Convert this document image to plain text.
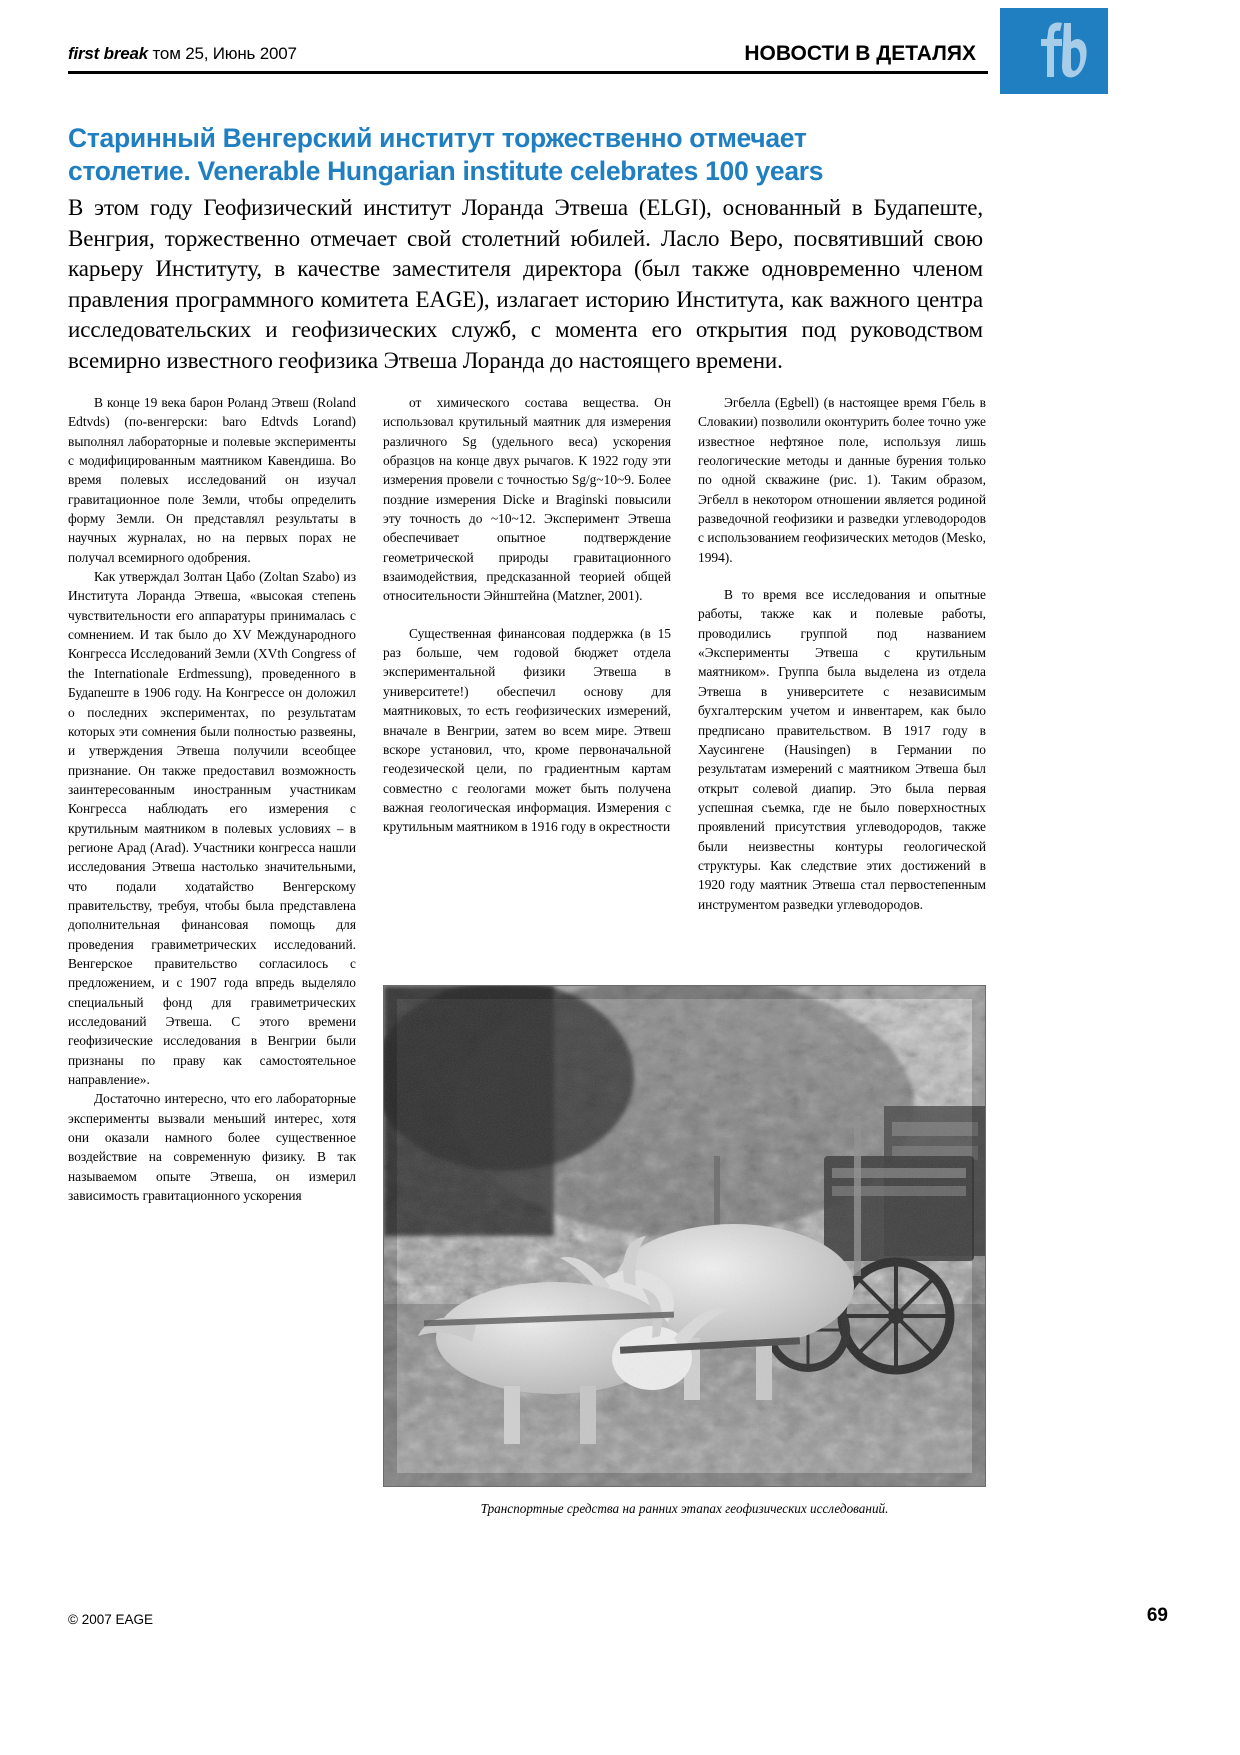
first break том 25, Июнь 2007	НОВОСТИ В ДЕТАЛЯХ
Старинный Венгерский институт торжественно отмечает
столетие. Venerable Hungarian institute celebrates 100 years
В этом году Геофизический институт Лоранда Этвеша (ELGI), основанный в Будапеште, Венгрия, торжественно отмечает свой столетний юбилей. Ласло Веро, посвятивший свою карьеру Институту, в качестве заместителя директора (был также одновременно членом правления программного комитета EAGE), излагает историю Института, как важного центра исследовательских и геофизических служб, с момента его открытия под руководством всемирно известного геофизика Этвеша Лоранда до настоящего времени.

В конце 19 века барон Роланд Этвеш (Roland Edtvds) (по-венгерски: baro Edtvds Lorand) выполнял лабораторные и полевые эксперименты с модифицированным маятником Кавендиша. Во время полевых исследований он изучал гравитационное поле Земли, чтобы определить форму Земли. Он представлял результаты в научных журналах, но на первых порах не получал всемирного одобрения.

Как утверждал Золтан Цабо (Zoltan Szabo) из Института Лоранда Этвеша, «высокая степень чувствительности его аппаратуры принималась с сомнением. И так было до XV Международного Конгресса Исследований Земли (XVth Congress of the Internationale Erdmessung), проведенного в Будапеште в 1906 году. На Конгрессе он доложил о последних экспериментах, по результатам которых эти сомнения были полностью развеяны, и утверждения Этвеша получили всеобщее признание. Он также предоставил возможность заинтересованным иностранным участникам Конгресса наблюдать его измерения с крутильным маятником в полевых условиях – в регионе Арад (Arad). Участники конгресса нашли исследования Этвеша настолько значительными, что подали ходатайство Венгерскому правительству, требуя, чтобы была представлена дополнительная финансовая помощь для проведения гравиметрических исследований. Венгерское правительство согласилось с предложением, и с 1907 года впредь выделяло специальный фонд для гравиметрических исследований Этвеша. С этого времени геофизические исследования в Венгрии были признаны по праву как самостоятельное направление».

Достаточно интересно, что его лабораторные эксперименты вызвали меньший интерес, хотя они оказали намного более существенное воздействие на современную физику. В так называемом опыте Этвеша, он измерил зависимость гравитационного ускорения

от химического состава вещества. Он использовал крутильный маятник для измерения различного Sg (удельного веса) ускорения образцов на конце двух рычагов. К 1922 году эти измерения провели с точностью Sg/g~10~9. Более поздние измерения Dicke и Braginski повысили эту точность до ~10~12. Эксперимент Этвеша обеспечивает опытное подтверждение геометрической природы гравитационного взаимодействия, предсказанной теорией общей относительности Эйнштейна (Matzner, 2001).

Существенная финансовая поддержка (в 15 раз больше, чем годовой бюджет отдела экспериментальной физики Этвеша в университете!) обеспечил основу для маятниковых, то есть геофизических измерений, вначале в Венгрии, затем во всем мире. Этвеш вскоре установил, что, кроме первоначальной геодезической цели, по градиентным картам совместно с геологами может быть получена важная геологическая информация. Измерения с крутильным маятником в 1916 году в окрестности

Эгбелла (Egbell) (в настоящее время Гбель в Словакии) позволили оконтурить более точно уже известное нефтяное поле, используя лишь геологические методы и данные бурения только по одной скважине (рис. 1). Таким образом, Эгбелл в некотором отношении является родиной разведочной геофизики и разведки углеводородов с использованием геофизических методов (Mesko, 1994).

В то время все исследования и опытные работы, также как и полевые работы, проводились группой под названием «Эксперименты Этвеша с крутильным маятником». Группа была выделена из отдела Этвеша в университете с независимым бухгалтерским учетом и инвентарем, как было предписано правительством. В 1917 году в Хаусингене (Hausingen) в Германии по результатам измерений с маятником Этвеша был открыт солевой диапир. Это была первая успешная съемка, где не было поверхностных проявлений присутствия углеводородов, также были неизвестны контуры геологической структуры. Как следствие этих достижений в 1920 году маятник Этвеша стал первостепенным инструментом разведки углеводородов.

Транспортные средства на ранних этапах геофизических исследований.
© 2007 EAGE	69
